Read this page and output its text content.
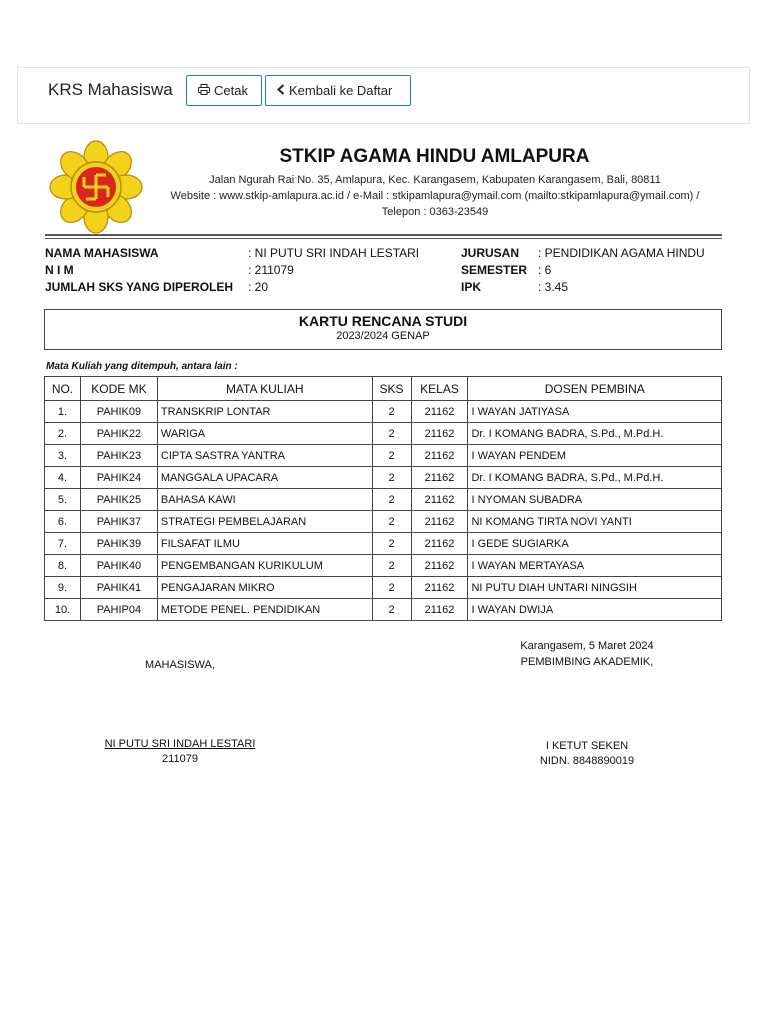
KRS Mahasiswa	Cetak	Kembali ke Daftar
STKIP AGAMA HINDU AMLAPURA
Jalan Ngurah Rai No. 35, Amlapura, Kec. Karangasem, Kabupaten Karangasem, Bali, 80811
Website : www.stkip-amlapura.ac.id / e-Mail : stkipamlapura@ymail.com (mailto:stkipamlapura@ymail.com) /
Telepon : 0363-23549
NAMA MAHASISWA	: NI PUTU SRI INDAH LESTARI
N I M	: 211079
JUMLAH SKS YANG DIPEROLEH : 20
JURUSAN : PENDIDIKAN AGAMA HINDU
SEMESTER : 6
IPK	: 3.45
KARTU RENCANA STUDI
2023/2024 GENAP
Mata Kuliah yang ditempuh, antara lain :
NO.	KODE MK	MATA KULIAH	SKS	KELAS	DOSEN PEMBINA
1.	PAHIK09	TRANSKRIP LONTAR	2	21162	I WAYAN JATIYASA
2.	PAHIK22	WARIGA	2	21162	Dr. I KOMANG BADRA, S.Pd., M.Pd.H.
3.	PAHIK23	CIPTA SASTRA YANTRA	2	21162	I WAYAN PENDEM
4.	PAHIK24	MANGGALA UPACARA	2	21162	Dr. I KOMANG BADRA, S.Pd., M.Pd.H.
5.	PAHIK25	BAHASA KAWI	2	21162	I NYOMAN SUBADRA
6.	PAHIK37	STRATEGI PEMBELAJARAN	2	21162	NI KOMANG TIRTA NOVI YANTI
7.	PAHIK39	FILSAFAT ILMU	2	21162	I GEDE SUGIARKA
8.	PAHIK40	PENGEMBANGAN KURIKULUM	2	21162	I WAYAN MERTAYASA
9.	PAHIK41	PENGAJARAN MIKRO	2	21162	NI PUTU DIAH UNTARI NINGSIH
10.	PAHIP04	METODE PENEL. PENDIDIKAN	2	21162	I WAYAN DWIJA
Karangasem, 5 Maret 2024
PEMBIMBING AKADEMIK,
MAHASISWA,
NI PUTU SRI INDAH LESTARI
211079
I KETUT SEKEN
NIDN. 8848890019
